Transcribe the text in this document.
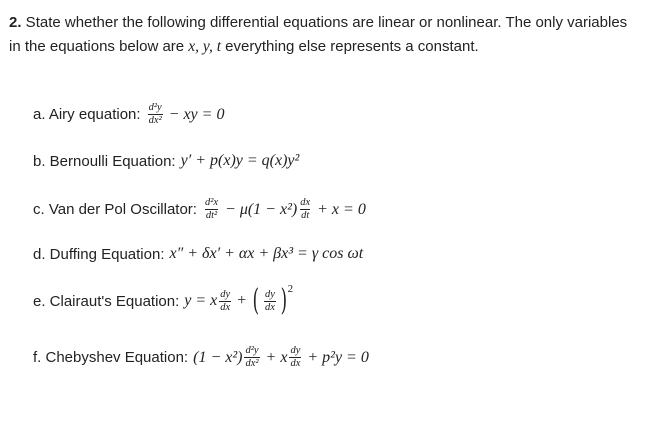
2. State whether the following differential equations are linear or nonlinear. The only variables in the equations below are x, y, t everything else represents a constant.

a. Airy equation: $\frac{\text{d²y}}{\text{dx²}}$ − xy = 0
b. Bernoulli Equation: y′ + p(x)y = q(x)y²
c. Van der Pol Oscillator: $\frac{\text{d²x}}{\text{dt²}} - \mu(1 - x^2) \frac{dx}{dt} + x = 0$
d. Duffing Equation: x″ + δx′ + αx + βx³ = γ cos ωt
e. Clairaut's Equation: y = x $\frac{dy}{dx}$ + ( $\frac{dy}{dx}$ ) 2
f. Chebyshev Equation: $(1 - x^2) \frac{\text{d²y}}{\text{dx²}} + x \frac{dy}{dx} + p^2y = 0$
